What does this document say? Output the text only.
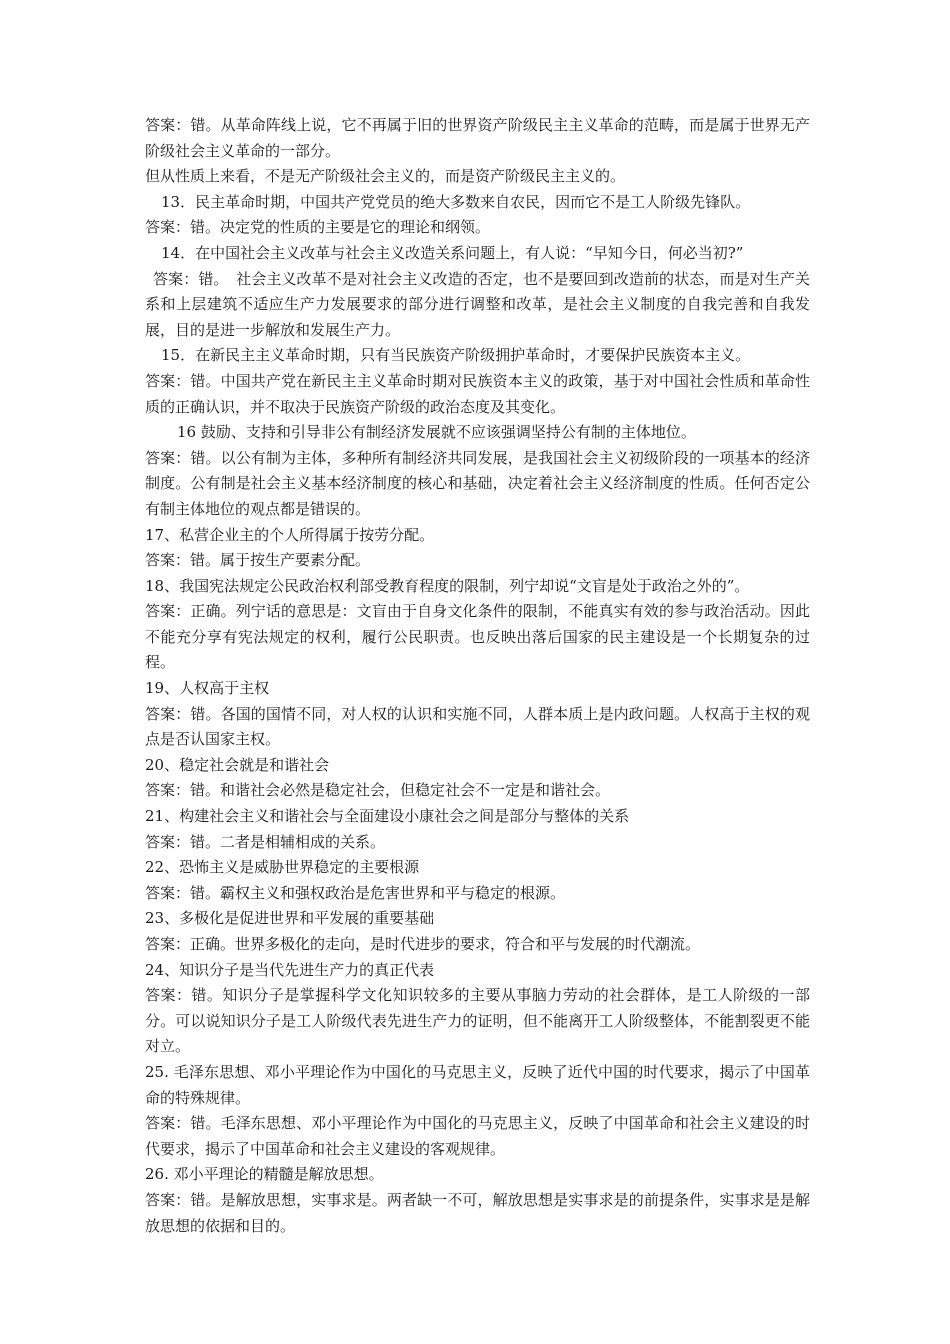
答案：错。从革命阵线上说，它不再属于旧的世界资产阶级民主主义革命的范畴，而是属于世界无产阶级社会主义革命的一部分。

但从性质上来看，不是无产阶级社会主义的，而是资产阶级民主主义的。

13．民主革命时期，中国共产党党员的绝大多数来自农民，因而它不是工人阶级先锋队。

答案：错。决定党的性质的主要是它的理论和纲领。

14．在中国社会主义改革与社会主义改造关系问题上，有人说：“早知今日，何必当初?”

答案：错。　社会主义改革不是对社会主义改造的否定，也不是要回到改造前的状态，而是对生产关系和上层建筑不适应生产力发展要求的部分进行调整和改革，是社会主义制度的自我完善和自我发展，目的是进一步解放和发展生产力。

15．在新民主主义革命时期，只有当民族资产阶级拥护革命时，才要保护民族资本主义。

答案：错。中国共产党在新民主主义革命时期对民族资本主义的政策，基于对中国社会性质和革命性质的正确认识，并不取决于民族资产阶级的政治态度及其变化。

16 鼓励、支持和引导非公有制经济发展就不应该强调坚持公有制的主体地位。

答案：错。以公有制为主体，多种所有制经济共同发展，是我国社会主义初级阶段的一项基本的经济制度。公有制是社会主义基本经济制度的核心和基础，决定着社会主义经济制度的性质。任何否定公有制主体地位的观点都是错误的。

17、私营企业主的个人所得属于按劳分配。

答案：错。属于按生产要素分配。

18、我国宪法规定公民政治权利部受教育程度的限制，列宁却说“文盲是处于政治之外的”。

答案：正确。列宁话的意思是：文盲由于自身文化条件的限制，不能真实有效的参与政治活动。因此不能充分享有宪法规定的权利，履行公民职责。也反映出落后国家的民主建设是一个长期复杂的过程。

19、人权高于主权

答案：错。各国的国情不同，对人权的认识和实施不同，人群本质上是内政问题。人权高于主权的观点是否认国家主权。

20、稳定社会就是和谐社会

答案：错。和谐社会必然是稳定社会，但稳定社会不一定是和谐社会。

21、构建社会主义和谐社会与全面建设小康社会之间是部分与整体的关系

答案：错。二者是相辅相成的关系。

22、恐怖主义是威胁世界稳定的主要根源

答案：错。霸权主义和强权政治是危害世界和平与稳定的根源。

23、多极化是促进世界和平发展的重要基础

答案：正确。世界多极化的走向，是时代进步的要求，符合和平与发展的时代潮流。

24、知识分子是当代先进生产力的真正代表

答案：错。知识分子是掌握科学文化知识较多的主要从事脑力劳动的社会群体，是工人阶级的一部分。可以说知识分子是工人阶级代表先进生产力的证明，但不能离开工人阶级整体，不能割裂更不能对立。

25. 毛泽东思想、邓小平理论作为中国化的马克思主义，反映了近代中国的时代要求，揭示了中国革命的特殊规律。

答案：错。毛泽东思想、邓小平理论作为中国化的马克思主义，反映了中国革命和社会主义建设的时代要求，揭示了中国革命和社会主义建设的客观规律。

26. 邓小平理论的精髓是解放思想。

答案：错。是解放思想，实事求是。两者缺一不可，解放思想是实事求是的前提条件，实事求是是解放思想的依据和目的。
